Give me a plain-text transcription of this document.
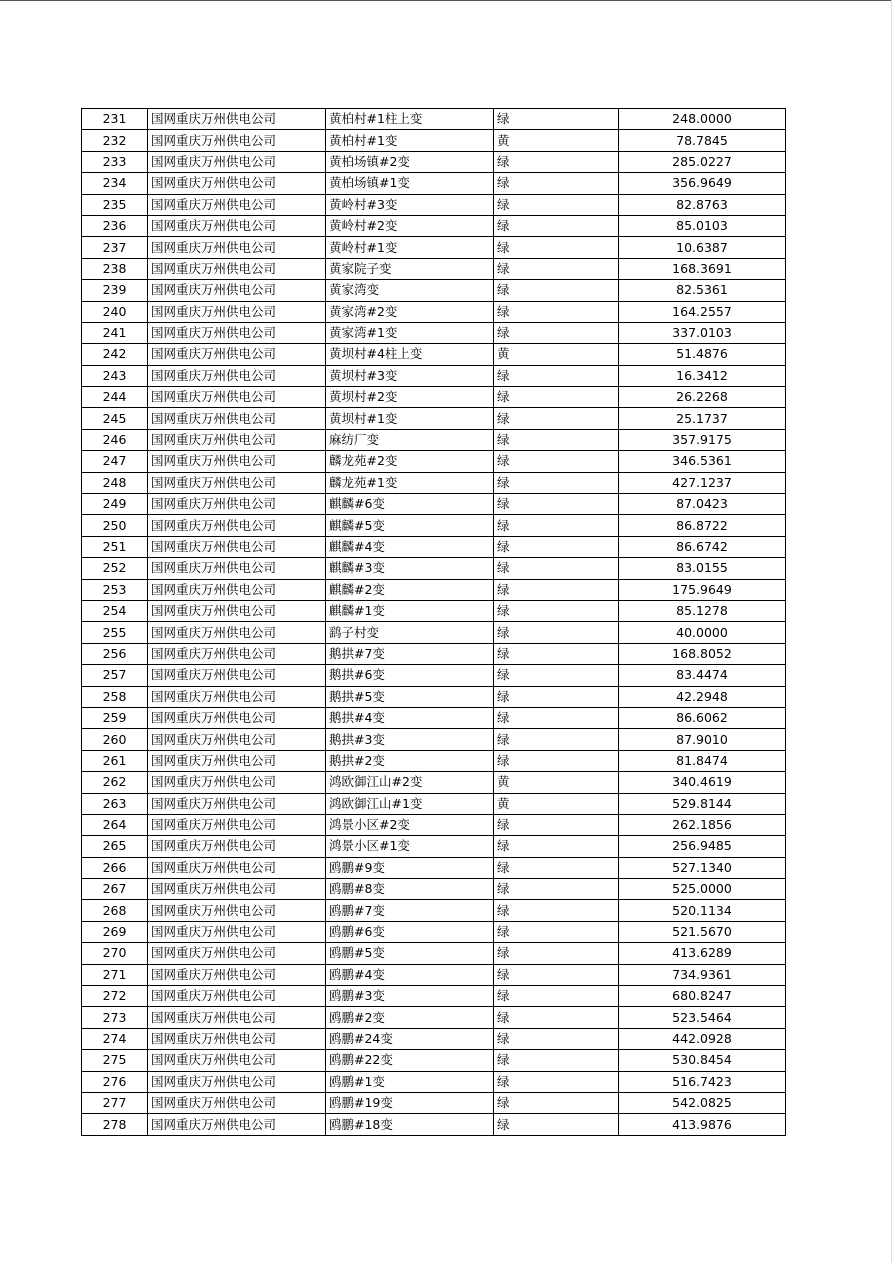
231	国网重庆万州供电公司	黄柏村#1柱上变	绿	248.0000
232	国网重庆万州供电公司	黄柏村#1变	黄	78.7845
233	国网重庆万州供电公司	黄柏场镇#2变	绿	285.0227
234	国网重庆万州供电公司	黄柏场镇#1变	绿	356.9649
235	国网重庆万州供电公司	黄岭村#3变	绿	82.8763
236	国网重庆万州供电公司	黄岭村#2变	绿	85.0103
237	国网重庆万州供电公司	黄岭村#1变	绿	10.6387
238	国网重庆万州供电公司	黄家院子变	绿	168.3691
239	国网重庆万州供电公司	黄家湾变	绿	82.5361
240	国网重庆万州供电公司	黄家湾#2变	绿	164.2557
241	国网重庆万州供电公司	黄家湾#1变	绿	337.0103
242	国网重庆万州供电公司	黄坝村#4柱上变	黄	51.4876
243	国网重庆万州供电公司	黄坝村#3变	绿	16.3412
244	国网重庆万州供电公司	黄坝村#2变	绿	26.2268
245	国网重庆万州供电公司	黄坝村#1变	绿	25.1737
246	国网重庆万州供电公司	麻纺厂变	绿	357.9175
247	国网重庆万州供电公司	麟龙苑#2变	绿	346.5361
248	国网重庆万州供电公司	麟龙苑#1变	绿	427.1237
249	国网重庆万州供电公司	麒麟#6变	绿	87.0423
250	国网重庆万州供电公司	麒麟#5变	绿	86.8722
251	国网重庆万州供电公司	麒麟#4变	绿	86.6742
252	国网重庆万州供电公司	麒麟#3变	绿	83.0155
253	国网重庆万州供电公司	麒麟#2变	绿	175.9649
254	国网重庆万州供电公司	麒麟#1变	绿	85.1278
255	国网重庆万州供电公司	鹞子村变	绿	40.0000
256	国网重庆万州供电公司	鹅拱#7变	绿	168.8052
257	国网重庆万州供电公司	鹅拱#6变	绿	83.4474
258	国网重庆万州供电公司	鹅拱#5变	绿	42.2948
259	国网重庆万州供电公司	鹅拱#4变	绿	86.6062
260	国网重庆万州供电公司	鹅拱#3变	绿	87.9010
261	国网重庆万州供电公司	鹅拱#2变	绿	81.8474
262	国网重庆万州供电公司	鸿欧御江山#2变	黄	340.4619
263	国网重庆万州供电公司	鸿欧御江山#1变	黄	529.8144
264	国网重庆万州供电公司	鸿景小区#2变	绿	262.1856
265	国网重庆万州供电公司	鸿景小区#1变	绿	256.9485
266	国网重庆万州供电公司	鸥鹏#9变	绿	527.1340
267	国网重庆万州供电公司	鸥鹏#8变	绿	525.0000
268	国网重庆万州供电公司	鸥鹏#7变	绿	520.1134
269	国网重庆万州供电公司	鸥鹏#6变	绿	521.5670
270	国网重庆万州供电公司	鸥鹏#5变	绿	413.6289
271	国网重庆万州供电公司	鸥鹏#4变	绿	734.9361
272	国网重庆万州供电公司	鸥鹏#3变	绿	680.8247
273	国网重庆万州供电公司	鸥鹏#2变	绿	523.5464
274	国网重庆万州供电公司	鸥鹏#24变	绿	442.0928
275	国网重庆万州供电公司	鸥鹏#22变	绿	530.8454
276	国网重庆万州供电公司	鸥鹏#1变	绿	516.7423
277	国网重庆万州供电公司	鸥鹏#19变	绿	542.0825
278	国网重庆万州供电公司	鸥鹏#18变	绿	413.9876
